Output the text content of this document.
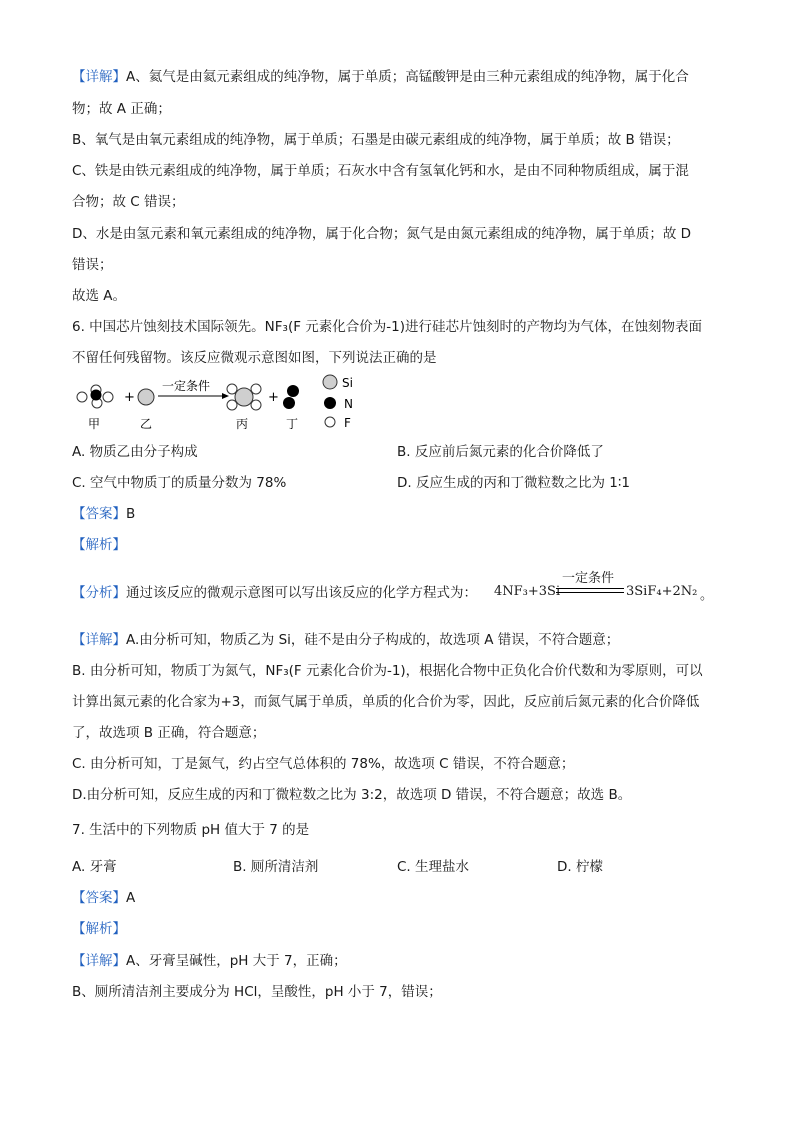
【详解】A、氦气是由氦元素组成的纯净物，属于单质；高锰酸钾是由三种元素组成的纯净物，属于化合
物；故 A 正确；
B、氧气是由氧元素组成的纯净物，属于单质；石墨是由碳元素组成的纯净物，属于单质；故 B 错误；
C、铁是由铁元素组成的纯净物，属于单质；石灰水中含有氢氧化钙和水，是由不同种物质组成，属于混
合物；故 C 错误；
D、水是由氢元素和氧元素组成的纯净物，属于化合物；氮气是由氮元素组成的纯净物，属于单质；故 D
错误；
故选 A。
6. 中国芯片蚀刻技术国际领先。NF₃(F 元素化合价为-1)进行硅芯片蚀刻时的产物均为气体，在蚀刻物表面
不留任何残留物。该反应微观示意图如图，下列说法正确的是
+
一定条件
+
Si
N
F
甲	乙	丙	丁
A. 物质乙由分子构成	B. 反应前后氮元素的化合价降低了
C. 空气中物质丁的质量分数为 78%	D. 反应生成的丙和丁微粒数之比为 1∶1
【答案】B
【解析】
【分析】通过该反应的微观示意图可以写出该反应的化学方程式为： 4NF₃+3Si
一定条件
3SiF₄+2N₂ 。
【详解】A.由分析可知，物质乙为 Si，硅不是由分子构成的，故选项 A 错误，不符合题意；
B. 由分析可知，物质丁为氮气，NF₃(F 元素化合价为-1)，根据化合物中正负化合价代数和为零原则，可以
计算出氮元素的化合家为+3，而氮气属于单质，单质的化合价为零，因此，反应前后氮元素的化合价降低
了，故选项 B 正确，符合题意；
C. 由分析可知，丁是氮气，约占空气总体积的 78%，故选项 C 错误，不符合题意；
D.由分析可知，反应生成的丙和丁微粒数之比为 3:2，故选项 D 错误，不符合题意；故选 B。
7. 生活中的下列物质 pH 值大于 7 的是
A. 牙膏	B. 厕所清洁剂	C. 生理盐水	D. 柠檬
【答案】A
【解析】
【详解】A、牙膏呈碱性，pH 大于 7，正确；
B、厕所清洁剂主要成分为 HCl，呈酸性，pH 小于 7，错误；
